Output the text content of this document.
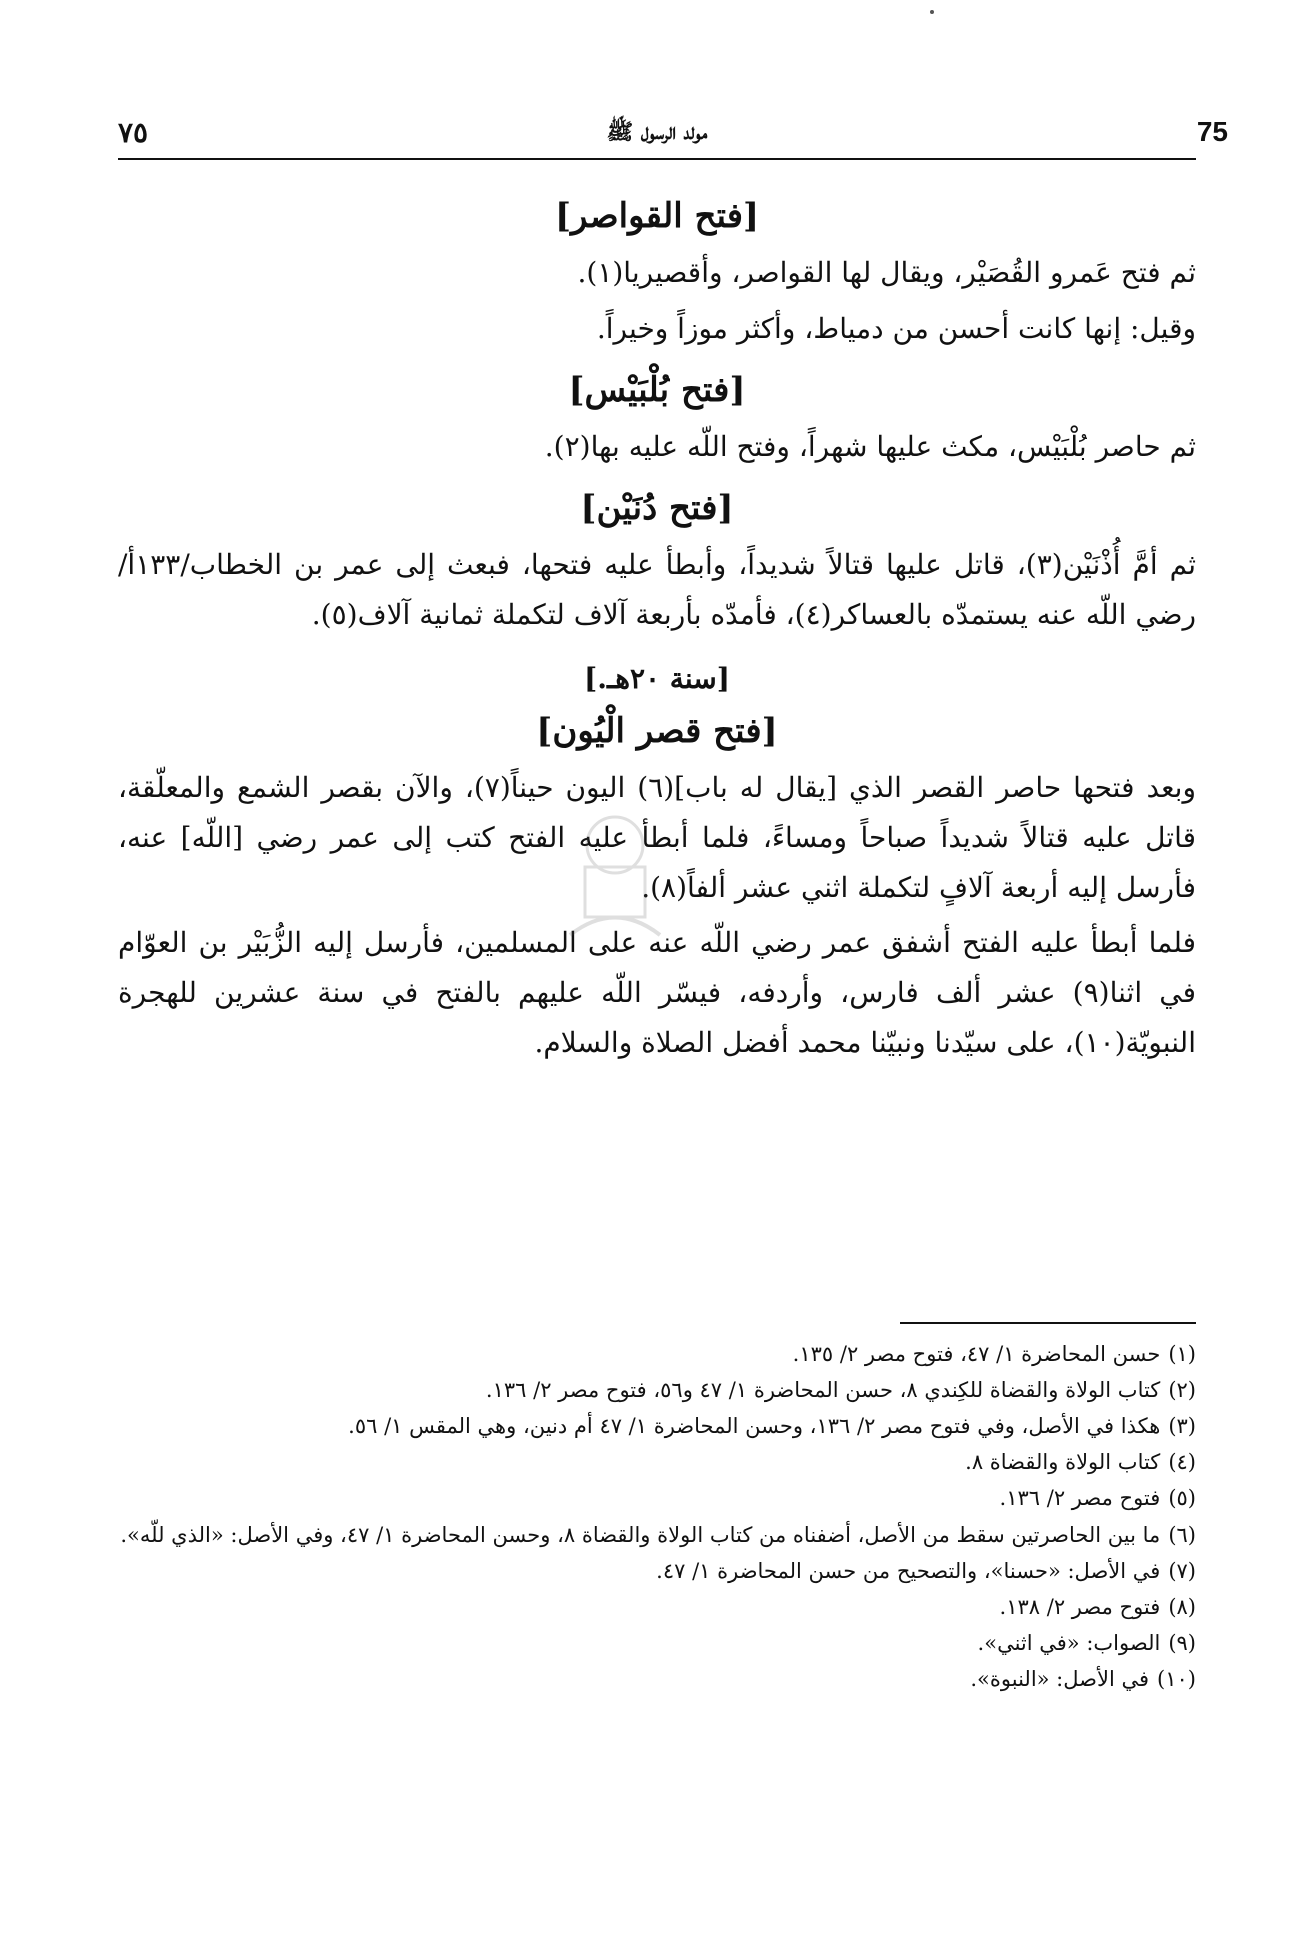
٧٥	مولد الرسول ﷺ	75
[فتح القواصر]

ثم فتح عَمرو القُصَيْر، ويقال لها القواصر، وأقصيريا(١).

وقيل: إنها كانت أحسن من دمياط، وأكثر موزاً وخيراً.

[فتح بُلْبَيْس]

ثم حاصر بُلْبَيْس، مكث عليها شهراً، وفتح اللّه عليه بها(٢).

[فتح دُنَيْن]

ثم أمَّ أُذْنَيْن(٣)، قاتل عليها قتالاً شديداً، وأبطأ عليه فتحها، فبعث إلى عمر بن الخطاب/١٣٣أ/ رضي اللّه عنه يستمدّه بالعساكر(٤)، فأمدّه بأربعة آلاف لتكملة ثمانية آلاف(٥).

[سنة ٢٠هـ.]
[فتح قصر الْيُون]

وبعد فتحها حاصر القصر الذي [يقال له باب](٦) اليون حيناً(٧)، والآن بقصر الشمع والمعلّقة، قاتل عليه قتالاً شديداً صباحاً ومساءً، فلما أبطأ عليه الفتح كتب إلى عمر رضي [اللّه] عنه، فأرسل إليه أربعة آلافٍ لتكملة اثني عشر ألفاً(٨).

فلما أبطأ عليه الفتح أشفق عمر رضي اللّه عنه على المسلمين، فأرسل إليه الزُّبَيْر بن العوّام في اثنا(٩) عشر ألف فارس، وأردفه، فيسّر اللّه عليهم بالفتح في سنة عشرين للهجرة النبويّة(١٠)، على سيّدنا ونبيّنا محمد أفضل الصلاة والسلام.

(١)حسن المحاضرة ١/ ٤٧، فتوح مصر ٢/ ١٣٥.

(٢)كتاب الولاة والقضاة للكِندي ٨، حسن المحاضرة ١/ ٤٧ و٥٦، فتوح مصر ٢/ ١٣٦.

(٣)هكذا في الأصل، وفي فتوح مصر ٢/ ١٣٦، وحسن المحاضرة ١/ ٤٧ أم دنين، وهي المقس ١/ ٥٦.

(٤)كتاب الولاة والقضاة ٨.

(٥)فتوح مصر ٢/ ١٣٦.

(٦)ما بين الحاصرتين سقط من الأصل، أضفناه من كتاب الولاة والقضاة ٨، وحسن المحاضرة ١/ ٤٧، وفي الأصل: «الذي للّه».

(٧)في الأصل: «حسنا»، والتصحيح من حسن المحاضرة ١/ ٤٧.

(٨)فتوح مصر ٢/ ١٣٨.

(٩)الصواب: «في اثني».

(١٠)في الأصل: «النبوة».
